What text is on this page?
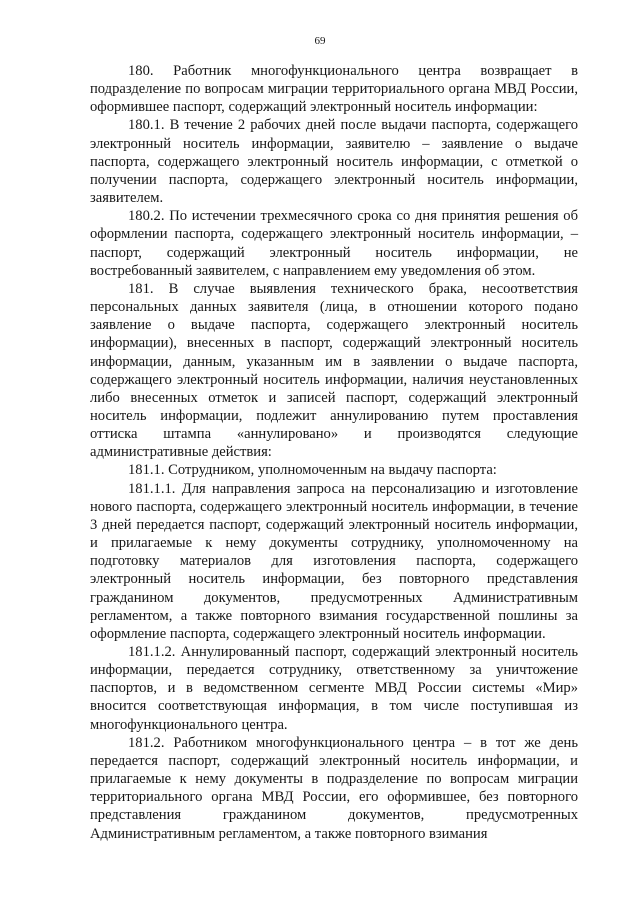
69

180. Работник многофункционального центра возвращает в подразделение по вопросам миграции территориального органа МВД России, оформившее паспорт, содержащий электронный носитель информации:

180.1. В течение 2 рабочих дней после выдачи паспорта, содержащего электронный носитель информации, заявителю – заявление о выдаче паспорта, содержащего электронный носитель информации, с отметкой о получении паспорта, содержащего электронный носитель информации, заявителем.

180.2. По истечении трехмесячного срока со дня принятия решения об оформлении паспорта, содержащего электронный носитель информации, – паспорт, содержащий электронный носитель информации, не востребованный заявителем, с направлением ему уведомления об этом.

181. В случае выявления технического брака, несоответствия персональных данных заявителя (лица, в отношении которого подано заявление о выдаче паспорта, содержащего электронный носитель информации), внесенных в паспорт, содержащий электронный носитель информации, данным, указанным им в заявлении о выдаче паспорта, содержащего электронный носитель информации, наличия неустановленных либо внесенных отметок и записей паспорт, содержащий электронный носитель информации, подлежит аннулированию путем проставления оттиска штампа «аннулировано» и производятся следующие административные действия:

181.1. Сотрудником, уполномоченным на выдачу паспорта:

181.1.1. Для направления запроса на персонализацию и изготовление нового паспорта, содержащего электронный носитель информации, в течение 3 дней передается паспорт, содержащий электронный носитель информации, и прилагаемые к нему документы сотруднику, уполномоченному на подготовку материалов для изготовления паспорта, содержащего электронный носитель информации, без повторного представления гражданином документов, предусмотренных Административным регламентом, а также повторного взимания государственной пошлины за оформление паспорта, содержащего электронный носитель информации.

181.1.2. Аннулированный паспорт, содержащий электронный носитель информации, передается сотруднику, ответственному за уничтожение паспортов, и в ведомственном сегменте МВД России системы «Мир» вносится соответствующая информация, в том числе поступившая из многофункционального центра.

181.2. Работником многофункционального центра – в тот же день передается паспорт, содержащий электронный носитель информации, и прилагаемые к нему документы в подразделение по вопросам миграции территориального органа МВД России, его оформившее, без повторного представления гражданином документов, предусмотренных Административным регламентом, а также повторного взимания
